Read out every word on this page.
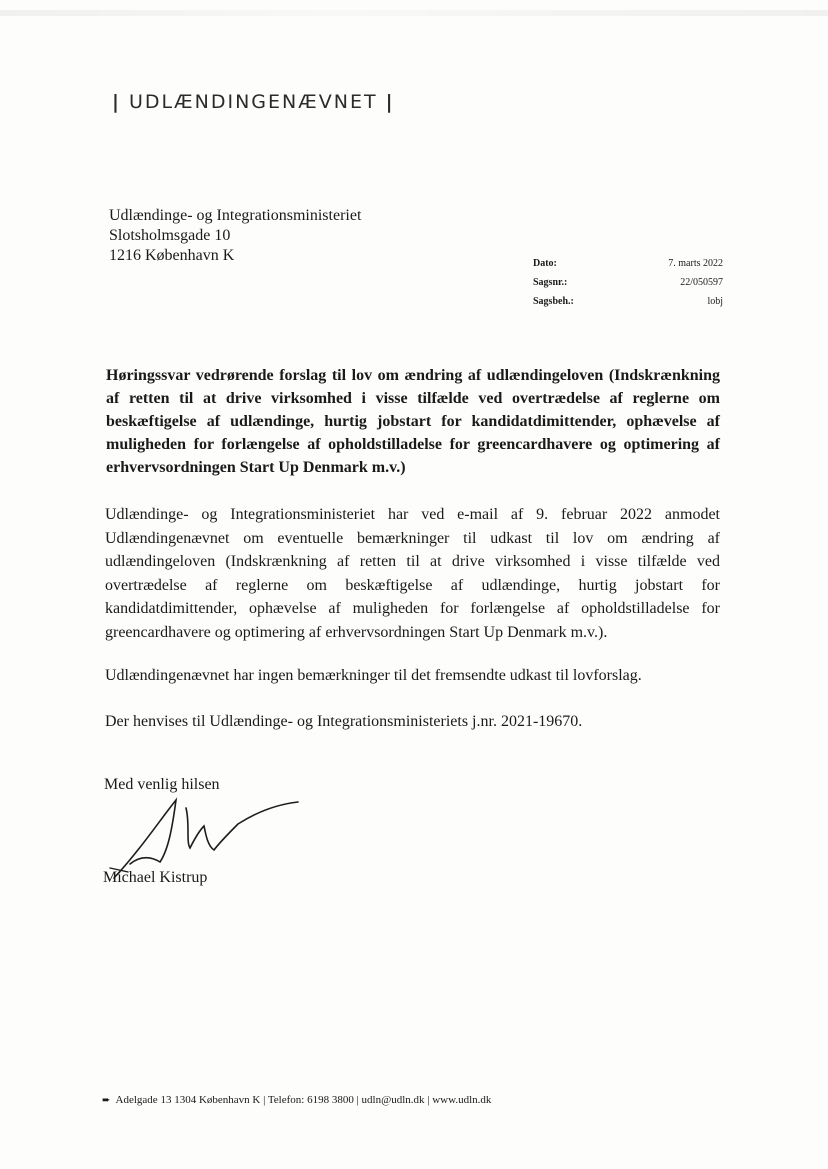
| UDLÆNDINGENÆVNET |
Udlændinge- og Integrationsministeriet
Slotsholmsgade 10
1216 København K	Dato:	7. marts 2022
Sagsnr.:	22/050597
Sagsbeh.:	lobj
Høringssvar vedrørende forslag til lov om ændring af udlændingeloven (Indskrænkning af retten til at drive virksomhed i visse tilfælde ved overtrædelse af reglerne om beskæftigelse af udlændinge, hurtig jobstart for kandidatdimittender, ophævelse af muligheden for forlængelse af opholdstilladelse for greencardhavere og optimering af erhvervsordningen Start Up Denmark m.v.)
Udlændinge- og Integrationsministeriet har ved e-mail af 9. februar 2022 anmodet Udlændingenævnet om eventuelle bemærkninger til udkast til lov om ændring af udlændingeloven (Indskrænkning af retten til at drive virksomhed i visse tilfælde ved overtrædelse af reglerne om beskæftigelse af udlændinge, hurtig jobstart for kandidatdimittender, ophævelse af muligheden for forlængelse af opholdstilladelse for greencardhavere og optimering af erhvervsordningen Start Up Denmark m.v.).
Udlændingenævnet har ingen bemærkninger til det fremsendte udkast til lovforslag.
Der henvises til Udlændinge- og Integrationsministeriets j.nr. 2021-19670.
Med venlig hilsen
Michael Kistrup
➨ Adelgade 13 1304 København K | Telefon: 6198 3800 | udln@udln.dk | www.udln.dk
